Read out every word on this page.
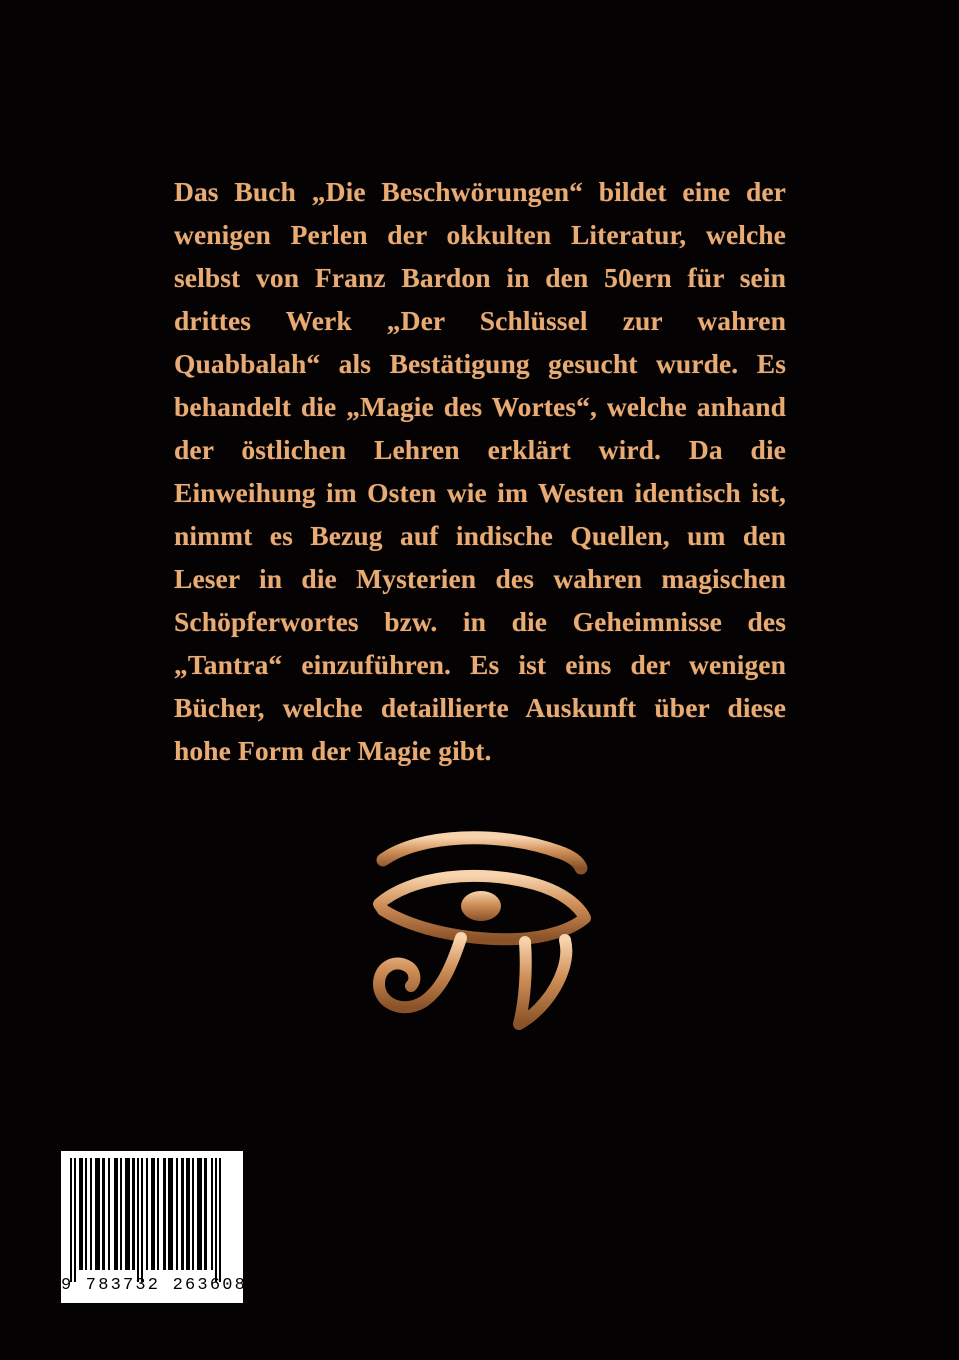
Das Buch „Die Beschwörungen“ bildet eine der wenigen Perlen der okkulten Literatur, welche selbst von Franz Bardon in den 50ern für sein drittes Werk „Der Schlüssel zur wahren Quabbalah“ als Bestätigung gesucht wurde. Es behandelt die „Magie des Wortes“, welche anhand der östlichen Lehren erklärt wird. Da die Einweihung im Osten wie im Westen identisch ist, nimmt es Bezug auf indische Quellen, um den Leser in die Mysterien des wahren magischen Schöpferwortes bzw. in die Geheimnisse des „Tantra“ einzuführen. Es ist eins der wenigen Bücher, welche detaillierte Auskunft über diese hohe Form der Magie gibt.

9 783732 263608
